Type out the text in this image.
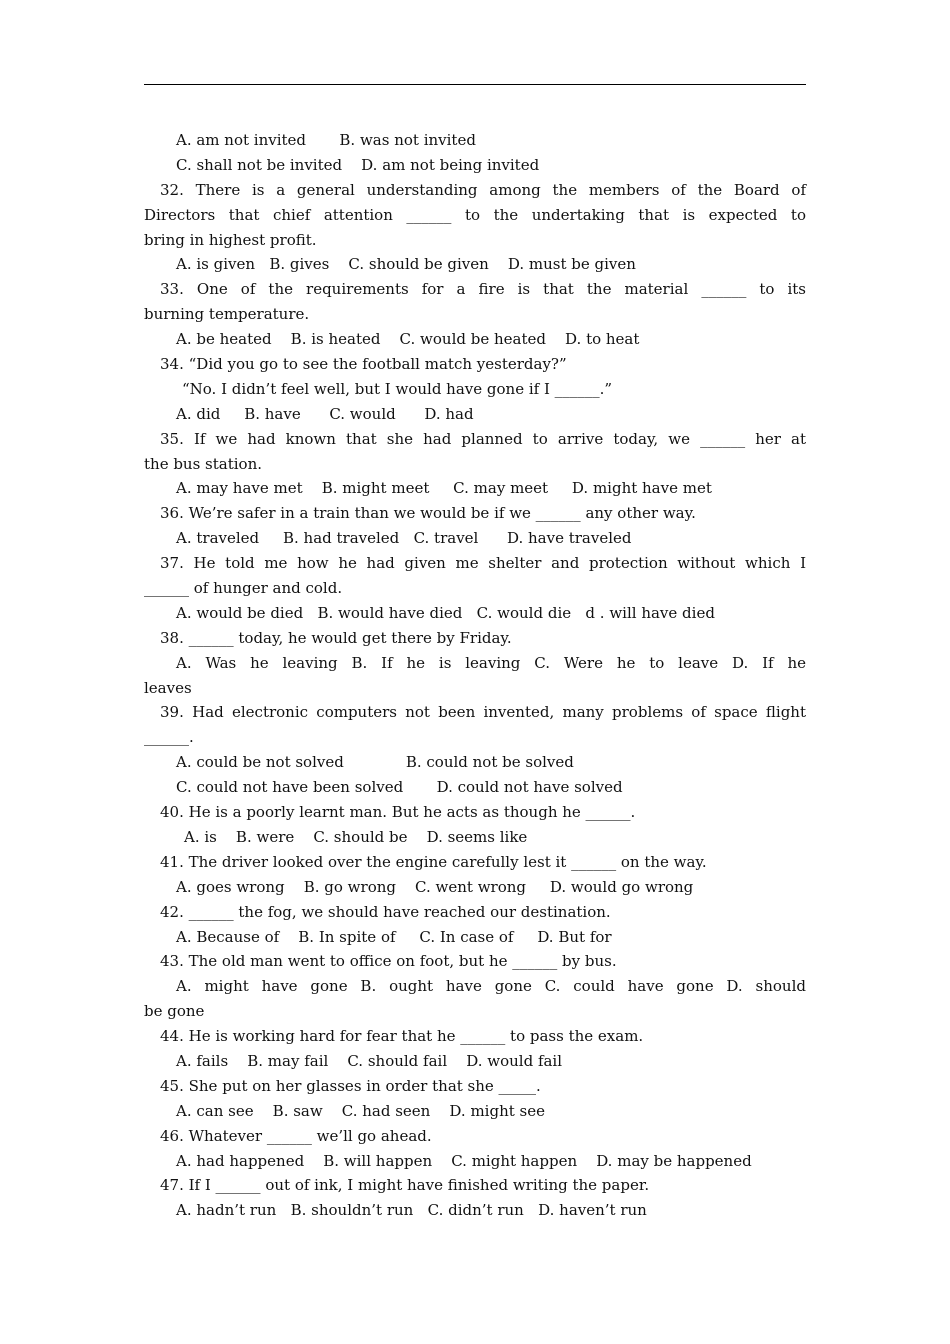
A. am not invited       B. was not invited
C. shall not be invited    D. am not being invited
32. There is a general understanding among the members of the Board of
Directors that chief attention ______ to the undertaking that is expected to
bring in highest profit.
A. is given   B. gives    C. should be given    D. must be given
33. One of the requirements for a fire is that the material ______ to its
burning temperature.
A. be heated    B. is heated    C. would be heated    D. to heat
34. “Did you go to see the football match yesterday?”
“No. I didn’t feel well, but I would have gone if I ______.”
A. did     B. have      C. would      D. had
35. If we had known that she had planned to arrive today, we ______ her at
the bus station.
A. may have met    B. might meet     C. may meet     D. might have met
36. We’re safer in a train than we would be if we ______ any other way.
A. traveled     B. had traveled   C. travel      D. have traveled
37. He told me how he had given me shelter and protection without which I
______ of hunger and cold.
A. would be died   B. would have died   C. would die   d . will have died
38. ______ today, he would get there by Friday.
A. Was he leaving B. If he is leaving C. Were he to leave D. If he
leaves
39. Had electronic computers not been invented, many problems of space flight
______.
A. could be not solved             B. could not be solved
C. could not have been solved       D. could not have solved
40. He is a poorly learnt man. But he acts as though he ______.
A. is    B. were    C. should be    D. seems like
41. The driver looked over the engine carefully lest it ______ on the way.
A. goes wrong    B. go wrong    C. went wrong     D. would go wrong
42. ______ the fog, we should have reached our destination.
A. Because of    B. In spite of     C. In case of     D. But for
43. The old man went to office on foot, but he ______ by bus.
A. might have gone B. ought have gone C. could have gone D. should
be gone
44. He is working hard for fear that he ______ to pass the exam.
A. fails    B. may fail    C. should fail    D. would fail
45. She put on her glasses in order that she _____.
A. can see    B. saw    C. had seen    D. might see
46. Whatever ______ we’ll go ahead.
A. had happened    B. will happen    C. might happen    D. may be happened
47. If I ______ out of ink, I might have finished writing the paper.
A. hadn’t run   B. shouldn’t run   C. didn’t run   D. haven’t run
